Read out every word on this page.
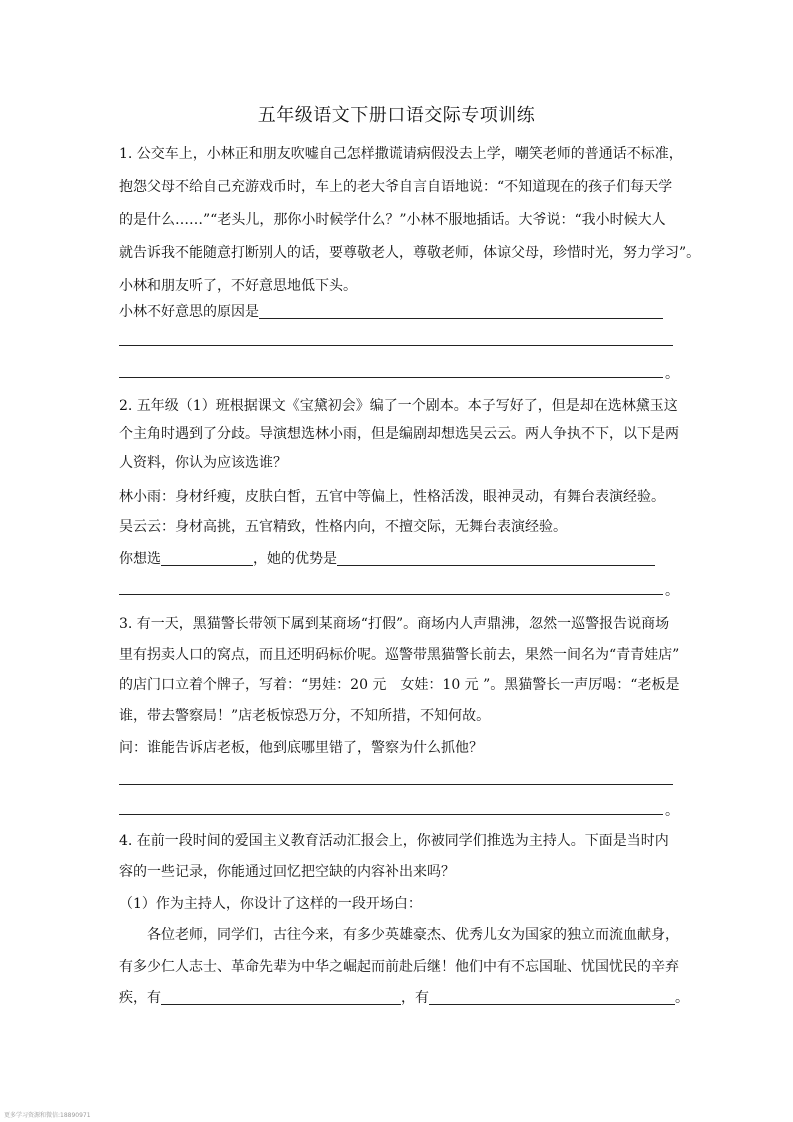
五年级语文下册口语交际专项训练
1. 公交车上，小林正和朋友吹嘘自己怎样撒谎请病假没去上学，嘲笑老师的普通话不标准，
抱怨父母不给自己充游戏币时，车上的老大爷自言自语地说：“不知道现在的孩子们每天学
的是什么……”“老头儿，那你小时候学什么？”小林不服地插话。大爷说：“我小时候大人
就告诉我不能随意打断别人的话，要尊敬老人，尊敬老师，体谅父母，珍惜时光，努力学习”。
小林和朋友听了，不好意思地低下头。
小林不好意思的原因是
。
2. 五年级（1）班根据课文《宝黛初会》编了一个剧本。本子写好了，但是却在选林黛玉这
个主角时遇到了分歧。导演想选林小雨，但是编剧却想选吴云云。两人争执不下，以下是两
人资料，你认为应该选谁？
林小雨：身材纤瘦，皮肤白皙，五官中等偏上，性格活泼，眼神灵动，有舞台表演经验。
吴云云：身材高挑，五官精致，性格内向，不擅交际，无舞台表演经验。
你想选	，她的优势是
。
3. 有一天，黑猫警长带领下属到某商场“打假”。商场内人声鼎沸，忽然一巡警报告说商场
里有拐卖人口的窝点，而且还明码标价呢。巡警带黑猫警长前去，果然一间名为“青青娃店”
的店门口立着个牌子，写着：“男娃：20 元　女娃：10 元 ”。黑猫警长一声厉喝：“老板是
谁，带去警察局！”店老板惊恐万分，不知所措，不知何故。
问：谁能告诉店老板，他到底哪里错了，警察为什么抓他？
。
4. 在前一段时间的爱国主义教育活动汇报会上，你被同学们推选为主持人。下面是当时内
容的一些记录，你能通过回忆把空缺的内容补出来吗？
（1）作为主持人，你设计了这样的一段开场白：
　　各位老师，同学们，古往今来，有多少英雄豪杰、优秀儿女为国家的独立而流血献身，
有多少仁人志士、革命先辈为中华之崛起而前赴后继！他们中有不忘国耻、忧国忧民的辛弃
疾，有	，有	。
更多学习资源和微信:18890971
